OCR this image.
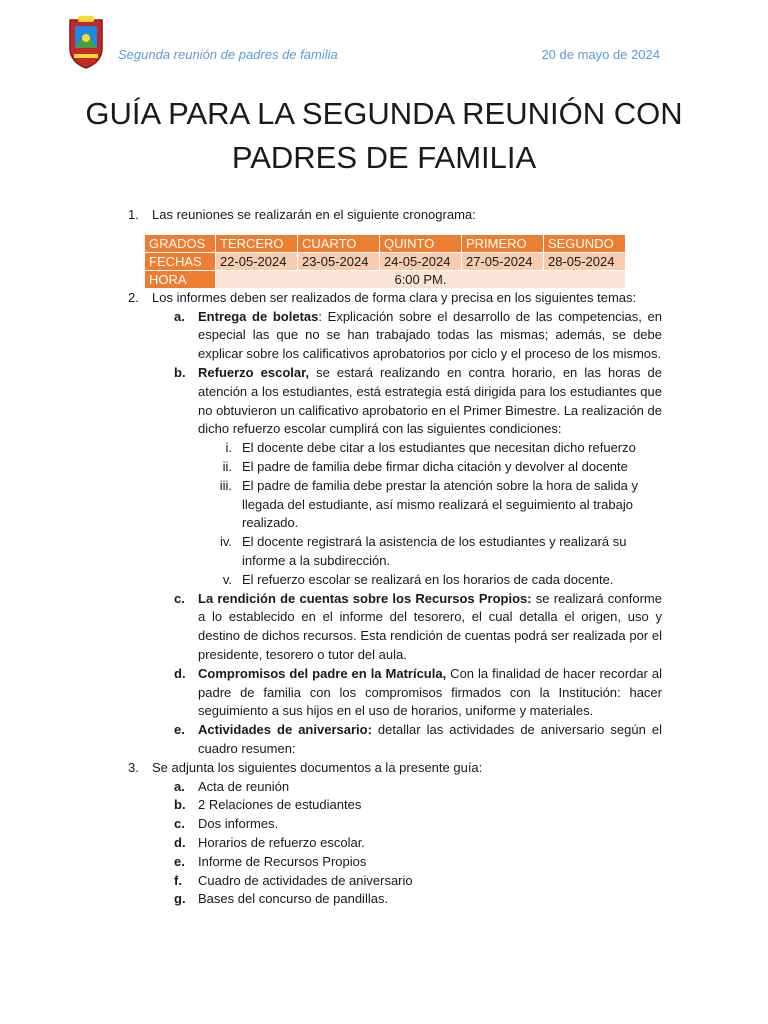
Segunda reunión de padres de familia	20 de mayo de 2024
GUÍA PARA LA SEGUNDA REUNIÓN CON
PADRES DE FAMILIA
1. Las reuniones se realizarán en el siguiente cronograma:
GRADOS	TERCERO	CUARTO	QUINTO	PRIMERO	SEGUNDO
FECHAS	22-05-2024	23-05-2024	24-05-2024	27-05-2024	28-05-2024
HORA	6:00 PM.				
2. Los informes deben ser realizados de forma clara y precisa en los siguientes temas:
a. Entrega de boletas: Explicación sobre el desarrollo de las competencias, en especial las que no se han trabajado todas las mismas; además, se debe explicar sobre los calificativos aprobatorios por ciclo y el proceso de los mismos.
b. Refuerzo escolar, se estará realizando en contra horario, en las horas de atención a los estudiantes, está estrategia está dirigida para los estudiantes que no obtuvieron un calificativo aprobatorio en el Primer Bimestre. La realización de dicho refuerzo escolar cumplirá con las siguientes condiciones:
i. El docente debe citar a los estudiantes que necesitan dicho refuerzo
ii. El padre de familia debe firmar dicha citación y devolver al docente
iii. El padre de familia debe prestar la atención sobre la hora de salida y llegada del estudiante, así mismo realizará el seguimiento al trabajo realizado.
iv. El docente registrará la asistencia de los estudiantes y realizará su informe a la subdirección.
v. El refuerzo escolar se realizará en los horarios de cada docente.
c. La rendición de cuentas sobre los Recursos Propios: se realizará conforme a lo establecido en el informe del tesorero, el cual detalla el origen, uso y destino de dichos recursos. Esta rendición de cuentas podrá ser realizada por el presidente, tesorero o tutor del aula.
d. Compromisos del padre en la Matrícula, Con la finalidad de hacer recordar al padre de familia con los compromisos firmados con la Institución: hacer seguimiento a sus hijos en el uso de horarios, uniforme y materiales.
e. Actividades de aniversario: detallar las actividades de aniversario según el cuadro resumen:
3. Se adjunta los siguientes documentos a la presente guía:
a. Acta de reunión
b. 2 Relaciones de estudiantes
c. Dos informes.
d. Horarios de refuerzo escolar.
e. Informe de Recursos Propios
f. Cuadro de actividades de aniversario
g. Bases del concurso de pandillas.
